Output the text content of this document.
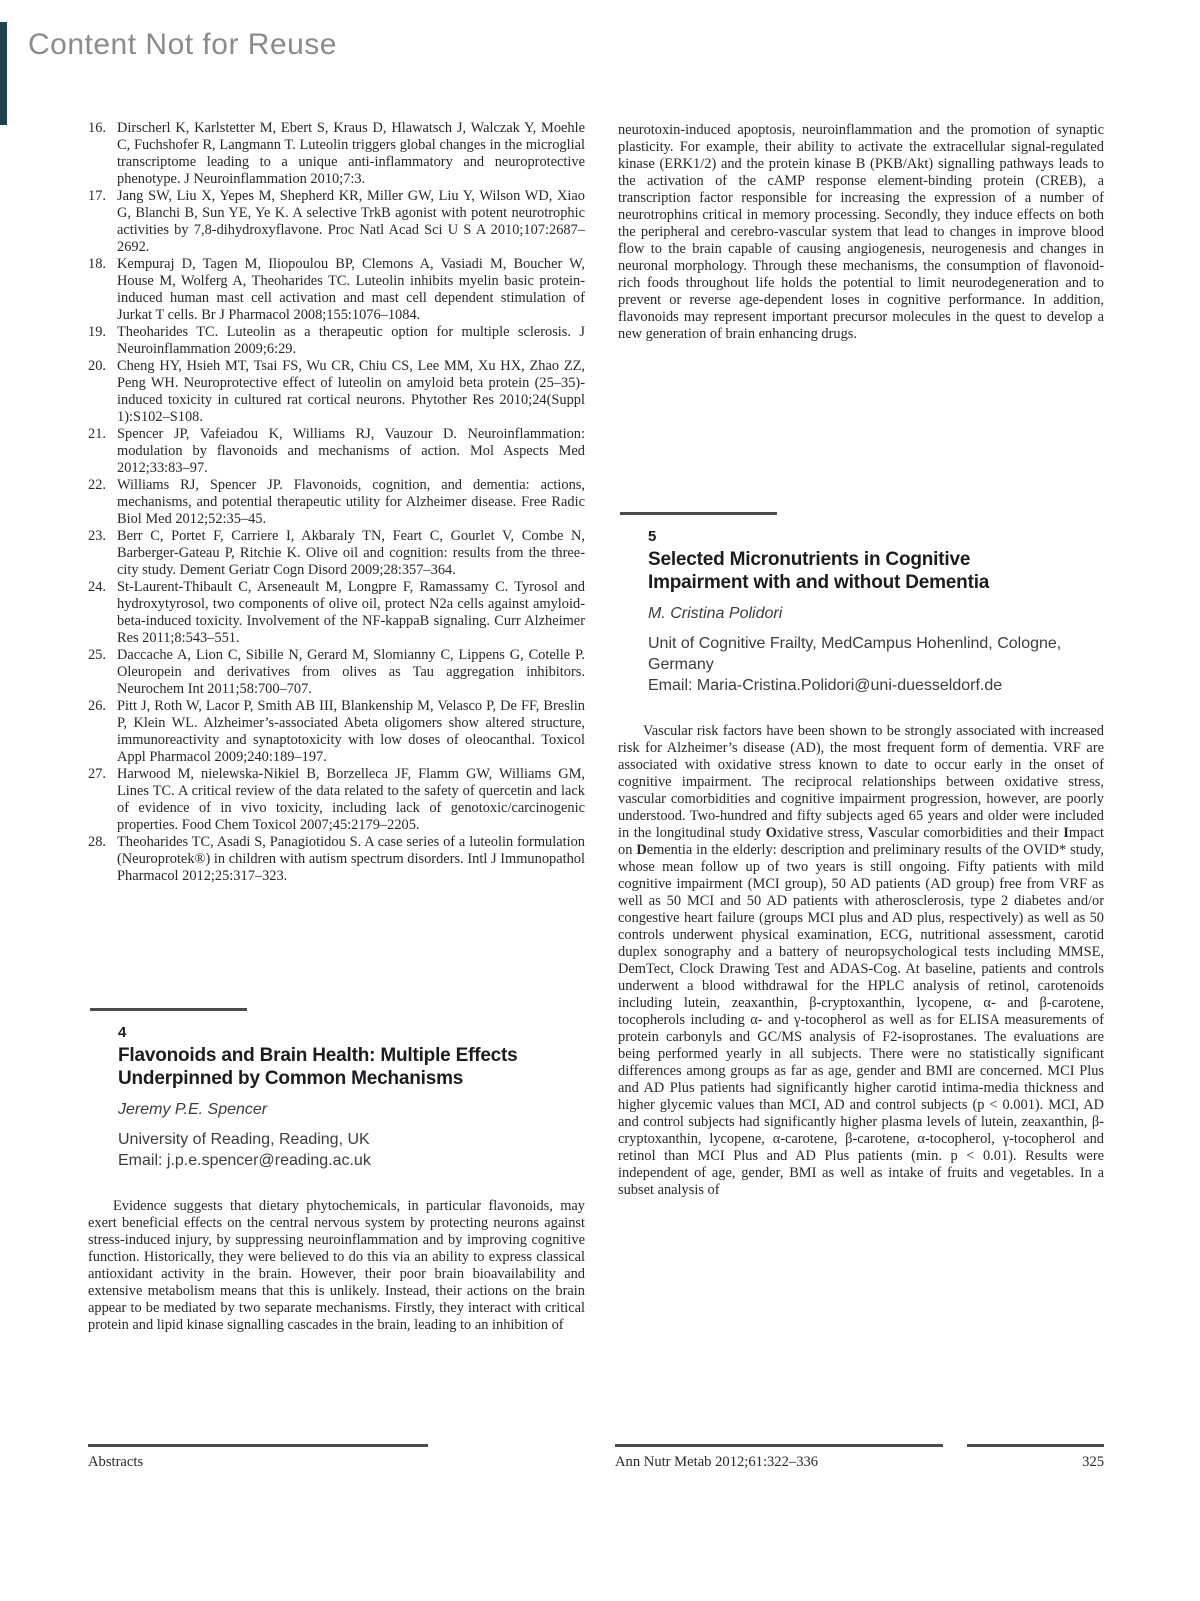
Content Not for Reuse
16. Dirscherl K, Karlstetter M, Ebert S, Kraus D, Hlawatsch J, Walczak Y, Moehle C, Fuchshofer R, Langmann T. Luteolin triggers global changes in the microglial transcriptome leading to a unique anti-inflammatory and neuroprotective phenotype. J Neuroinflammation 2010;7:3.
17. Jang SW, Liu X, Yepes M, Shepherd KR, Miller GW, Liu Y, Wilson WD, Xiao G, Blanchi B, Sun YE, Ye K. A selective TrkB agonist with potent neurotrophic activities by 7,8-dihydroxyflavone. Proc Natl Acad Sci U S A 2010;107:2687–2692.
18. Kempuraj D, Tagen M, Iliopoulou BP, Clemons A, Vasiadi M, Boucher W, House M, Wolferg A, Theoharides TC. Luteolin inhibits myelin basic protein-induced human mast cell activation and mast cell dependent stimulation of Jurkat T cells. Br J Pharmacol 2008;155:1076–1084.
19. Theoharides TC. Luteolin as a therapeutic option for multiple sclerosis. J Neuroinflammation 2009;6:29.
20. Cheng HY, Hsieh MT, Tsai FS, Wu CR, Chiu CS, Lee MM, Xu HX, Zhao ZZ, Peng WH. Neuroprotective effect of luteolin on amyloid beta protein (25–35)-induced toxicity in cultured rat cortical neurons. Phytother Res 2010;24(Suppl 1):S102–S108.
21. Spencer JP, Vafeiadou K, Williams RJ, Vauzour D. Neuroinflammation: modulation by flavonoids and mechanisms of action. Mol Aspects Med 2012;33:83–97.
22. Williams RJ, Spencer JP. Flavonoids, cognition, and dementia: actions, mechanisms, and potential therapeutic utility for Alzheimer disease. Free Radic Biol Med 2012;52:35–45.
23. Berr C, Portet F, Carriere I, Akbaraly TN, Feart C, Gourlet V, Combe N, Barberger-Gateau P, Ritchie K. Olive oil and cognition: results from the three-city study. Dement Geriatr Cogn Disord 2009;28:357–364.
24. St-Laurent-Thibault C, Arseneault M, Longpre F, Ramassamy C. Tyrosol and hydroxytyrosol, two components of olive oil, protect N2a cells against amyloid-beta-induced toxicity. Involvement of the NF-kappaB signaling. Curr Alzheimer Res 2011;8:543–551.
25. Daccache A, Lion C, Sibille N, Gerard M, Slomianny C, Lippens G, Cotelle P. Oleuropein and derivatives from olives as Tau aggregation inhibitors. Neurochem Int 2011;58:700–707.
26. Pitt J, Roth W, Lacor P, Smith AB III, Blankenship M, Velasco P, De FF, Breslin P, Klein WL. Alzheimer’s-associated Abeta oligomers show altered structure, immunoreactivity and synaptotoxicity with low doses of oleocanthal. Toxicol Appl Pharmacol 2009;240:189–197.
27. Harwood M, nielewska-Nikiel B, Borzelleca JF, Flamm GW, Williams GM, Lines TC. A critical review of the data related to the safety of quercetin and lack of evidence of in vivo toxicity, including lack of genotoxic/carcinogenic properties. Food Chem Toxicol 2007;45:2179–2205.
28. Theoharides TC, Asadi S, Panagiotidou S. A case series of a luteolin formulation (Neuroprotek®) in children with autism spectrum disorders. Intl J Immunopathol Pharmacol 2012;25:317–323.
4
Flavonoids and Brain Health: Multiple Effects Underpinned by Common Mechanisms
Jeremy P.E. Spencer
University of Reading, Reading, UK
Email: j.p.e.spencer@reading.ac.uk

Evidence suggests that dietary phytochemicals, in particular flavonoids, may exert beneficial effects on the central nervous system by protecting neurons against stress-induced injury, by suppressing neuroinflammation and by improving cognitive function. Historically, they were believed to do this via an ability to express classical antioxidant activity in the brain. However, their poor brain bioavailability and extensive metabolism means that this is unlikely. Instead, their actions on the brain appear to be mediated by two separate mechanisms. Firstly, they interact with critical protein and lipid kinase signalling cascades in the brain, leading to an inhibition of

neurotoxin-induced apoptosis, neuroinflammation and the promotion of synaptic plasticity. For example, their ability to activate the extracellular signal-regulated kinase (ERK1/2) and the protein kinase B (PKB/Akt) signalling pathways leads to the activation of the cAMP response element-binding protein (CREB), a transcription factor responsible for increasing the expression of a number of neurotrophins critical in memory processing. Secondly, they induce effects on both the peripheral and cerebro-vascular system that lead to changes in improve blood flow to the brain capable of causing angiogenesis, neurogenesis and changes in neuronal morphology. Through these mechanisms, the consumption of flavonoid-rich foods throughout life holds the potential to limit neurodegeneration and to prevent or reverse age-dependent loses in cognitive performance. In addition, flavonoids may represent important precursor molecules in the quest to develop a new generation of brain enhancing drugs.

5
Selected Micronutrients in Cognitive Impairment with and without Dementia
M. Cristina Polidori
Unit of Cognitive Frailty, MedCampus Hohenlind, Cologne, Germany
Email: Maria-Cristina.Polidori@uni-duesseldorf.de

Vascular risk factors have been shown to be strongly associated with increased risk for Alzheimer’s disease (AD), the most frequent form of dementia. VRF are associated with oxidative stress known to date to occur early in the onset of cognitive impairment. The reciprocal relationships between oxidative stress, vascular comorbidities and cognitive impairment progression, however, are poorly understood. Two-hundred and fifty subjects aged 65 years and older were included in the longitudinal study Oxidative stress, Vascular comorbidities and their Impact on Dementia in the elderly: description and preliminary results of the OVID* study, whose mean follow up of two years is still ongoing. Fifty patients with mild cognitive impairment (MCI group), 50 AD patients (AD group) free from VRF as well as 50 MCI and 50 AD patients with atherosclerosis, type 2 diabetes and/or congestive heart failure (groups MCI plus and AD plus, respectively) as well as 50 controls underwent physical examination, ECG, nutritional assessment, carotid duplex sonography and a battery of neuropsychological tests including MMSE, DemTect, Clock Drawing Test and ADAS-Cog. At baseline, patients and controls underwent a blood withdrawal for the HPLC analysis of retinol, carotenoids including lutein, zeaxanthin, β-cryptoxanthin, lycopene, α- and β-carotene, tocopherols including α- and γ-tocopherol as well as for ELISA measurements of protein carbonyls and GC/MS analysis of F2-isoprostanes. The evaluations are being performed yearly in all subjects. There were no statistically significant differences among groups as far as age, gender and BMI are concerned. MCI Plus and AD Plus patients had significantly higher carotid intima-media thickness and higher glycemic values than MCI, AD and control subjects (p < 0.001). MCI, AD and control subjects had significantly higher plasma levels of lutein, zeaxanthin, β-cryptoxanthin, lycopene, α-carotene, β-carotene, α-tocopherol, γ-tocopherol and retinol than MCI Plus and AD Plus patients (min. p < 0.01). Results were independent of age, gender, BMI as well as intake of fruits and vegetables. In a subset analysis of

Abstracts	Ann Nutr Metab 2012;61:322–336	325
